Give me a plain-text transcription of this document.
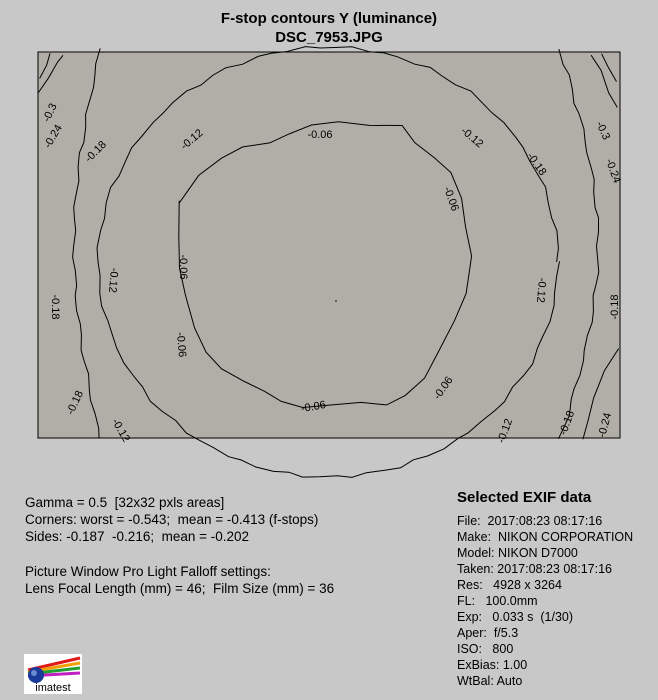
F-stop contours Y (luminance)
DSC_7953.JPG
-0.06
-0.06
-0.06
-0.06
-0.06
-0.06
-0.12	-0.12
-0.12	-0.12
-0.12	-0.12
-0.18	-0.18
-0.18	-0.18
-0.18
-0.18
-0.24
-0.24
-0.24
-0.3
-0.3
Gamma = 0.5  [32x32 pxls areas]
Corners: worst = -0.543;  mean = -0.413 (f-stops)
Sides: -0.187  -0.216;  mean = -0.202
Picture Window Pro Light Falloff settings:
Lens Focal Length (mm) = 46;  Film Size (mm) = 36
Selected EXIF data
File:  2017:08:23 08:17:16
Make:  NIKON CORPORATION
Model: NIKON D7000
Taken: 2017:08:23 08:17:16
Res:   4928 x 3264
FL:   100.0mm
Exp:   0.033 s  (1/30)
Aper:  f/5.3
ISO:   800
ExBias: 1.00
WtBal: Auto
imatest
